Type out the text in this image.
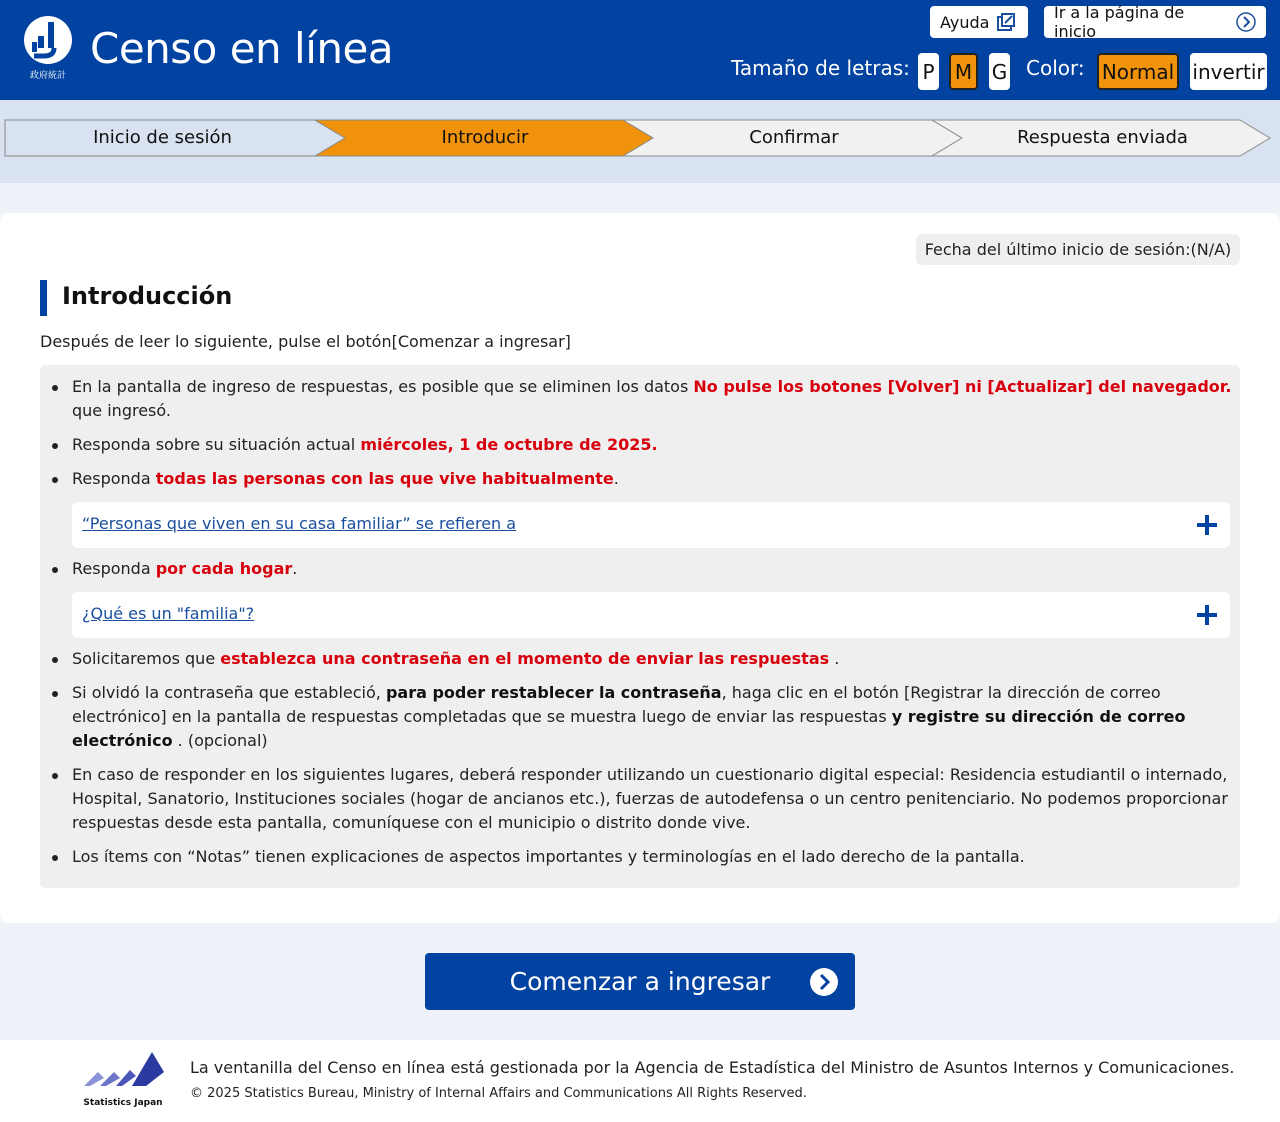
政府統計
Censo en línea
Ayuda	Ir a la página de inicio
Tamaño de letras: P M G Color: Normal invertir
Inicio de sesión	Introducir	Confirmar	Respuesta enviada
Fecha del último inicio de sesión:(N/A)
Introducción
Después de leer lo siguiente, pulse el botón[Comenzar a ingresar]
En la pantalla de ingreso de respuestas, es posible que se eliminen los datos No pulse los botones [Volver] ni [Actualizar] del navegador. que ingresó.
Responda sobre su situación actual miércoles, 1 de octubre de 2025.
Responda todas las personas con las que vive habitualmente.
“Personas que viven en su casa familiar” se refieren a
Responda por cada hogar.
¿Qué es un "familia"?
Solicitaremos que establezca una contraseña en el momento de enviar las respuestas .
Si olvidó la contraseña que estableció, para poder restablecer la contraseña, haga clic en el botón [Registrar la dirección de correo electrónico] en la pantalla de respuestas completadas que se muestra luego de enviar las respuestas y registre su dirección de correo electrónico . (opcional)
En caso de responder en los siguientes lugares, deberá responder utilizando un cuestionario digital especial: Residencia estudiantil o internado, Hospital, Sanatorio, Instituciones sociales (hogar de ancianos etc.), fuerzas de autodefensa o un centro penitenciario. No podemos proporcionar respuestas desde esta pantalla, comuníquese con el municipio o distrito donde vive.
Los ítems con “Notas” tienen explicaciones de aspectos importantes y terminologías en el lado derecho de la pantalla.
Comenzar a ingresar
Statistics Japan
La ventanilla del Censo en línea está gestionada por la Agencia de Estadística del Ministro de Asuntos Internos y Comunicaciones.
© 2025 Statistics Bureau, Ministry of Internal Affairs and Communications All Rights Reserved.
